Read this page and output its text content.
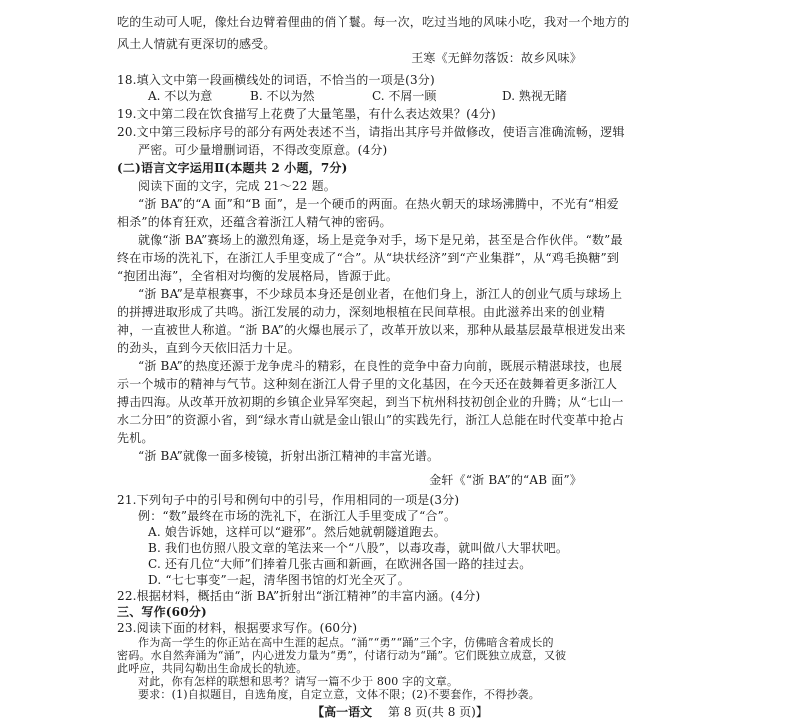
吃的生动可人呢，像灶台边臂着俚曲的俏丫鬟。每一次，吃过当地的风味小吃，我对一个地方的
风土人情就有更深切的感受。
王寒《无鲜勿落饭：故乡风味》
18.填入文中第一段画横线处的词语，不恰当的一项是(3分)
A. 不以为意	B. 不以为然	C. 不屑一顾	D. 熟视无睹
19.文中第二段在饮食描写上花费了大量笔墨，有什么表达效果？(4分)
20.文中第三段标序号的部分有两处表述不当，请指出其序号并做修改，使语言准确流畅，逻辑
严密。可少量增删词语，不得改变原意。(4分)
(二)语言文字运用Ⅱ(本题共 2 小题，7分)
阅读下面的文字，完成 21～22 题。
“浙 BA”的“A 面”和“B 面”，是一个硬币的两面。在热火朝天的球场沸腾中，不光有“相爱
相杀”的体育狂欢，还蕴含着浙江人精气神的密码。
就像“浙 BA”赛场上的激烈角逐，场上是竞争对手，场下是兄弟，甚至是合作伙伴。“数”最
终在市场的洗礼下，在浙江人手里变成了“合”。从“块状经济”到“产业集群”，从“鸡毛换糖”到
“抱团出海”，全省相对均衡的发展格局，皆源于此。
“浙 BA”是草根赛事，不少球员本身还是创业者，在他们身上，浙江人的创业气质与球场上
的拼搏进取形成了共鸣。浙江发展的动力，深刻地根植在民间草根。由此滋养出来的创业精
神，一直被世人称道。“浙 BA”的火爆也展示了，改革开放以来，那种从最基层最草根迸发出来
的劲头，直到今天依旧活力十足。
“浙 BA”的热度还源于龙争虎斗的精彩，在良性的竞争中奋力向前，既展示精湛球技，也展
示一个城市的精神与气节。这种刻在浙江人骨子里的文化基因，在今天还在鼓舞着更多浙江人
搏击四海。从改革开放初期的乡镇企业异军突起，到当下杭州科技初创企业的升腾；从“七山一
水二分田”的资源小省，到“绿水青山就是金山银山”的实践先行，浙江人总能在时代变革中抢占
先机。
“浙 BA”就像一面多棱镜，折射出浙江精神的丰富光谱。
金轩《“浙 BA”的“AB 面”》
21.下列句子中的引号和例句中的引号，作用相同的一项是(3分)
例：“数”最终在市场的洗礼下，在浙江人手里变成了“合”。
A. 娘告诉她，这样可以“避邪”。然后她就朝隧道跑去。
B. 我们也仿照八股文章的笔法来一个“八股”，以毒攻毒，就叫做八大罪状吧。
C. 还有几位“大师”们捧着几张古画和新画，在欧洲各国一路的挂过去。
D. “七七事变”一起，清华图书馆的灯光全灭了。
22.根据材料，概括由“浙 BA”折射出“浙江精神”的丰富内涵。(4分)
三、写作(60分)
23.阅读下面的材料，根据要求写作。(60分)
【高一语文 第 8 页(共 8 页)】
作为高一学生的你正站在高中生涯的起点。“涌”“勇”“踊”三个字，仿佛暗含着成长的
密码。水自然奔涌为“涌”，内心迸发力量为“勇”，付诸行动为“踊”。它们既独立成意，又彼
此呼应，共同勾勒出生命成长的轨迹。
对此，你有怎样的联想和思考？请写一篇不少于 800 字的文章。
要求：(1)自拟题目，自选角度，自定立意，文体不限；(2)不要套作，不得抄袭。
